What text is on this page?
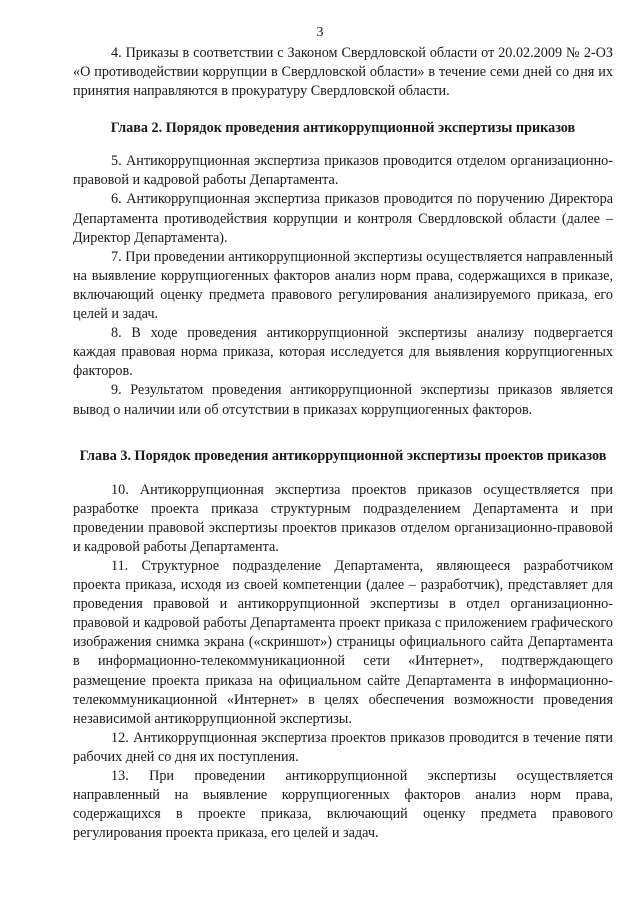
3

4. Приказы в соответствии с Законом Свердловской области от 20.02.2009 № 2-ОЗ «О противодействии коррупции в Свердловской области» в течение семи дней со дня их принятия направляются в прокуратуру Свердловской области.

Глава 2. Порядок проведения антикоррупционной экспертизы приказов

5. Антикоррупционная экспертиза приказов проводится отделом организационно-правовой и кадровой работы Департамента.

6. Антикоррупционная экспертиза приказов проводится по поручению Директора Департамента противодействия коррупции и контроля Свердловской области (далее – Директор Департамента).

7. При проведении антикоррупционной экспертизы осуществляется направленный на выявление коррупциогенных факторов анализ норм права, содержащихся в приказе, включающий оценку предмета правового регулирования анализируемого приказа, его целей и задач.

8. В ходе проведения антикоррупционной экспертизы анализу подвергается каждая правовая норма приказа, которая исследуется для выявления коррупциогенных факторов.

9. Результатом проведения антикоррупционной экспертизы приказов является вывод о наличии или об отсутствии в приказах коррупциогенных факторов.

Глава 3. Порядок проведения антикоррупционной экспертизы проектов приказов

10. Антикоррупционная экспертиза проектов приказов осуществляется при разработке проекта приказа структурным подразделением Департамента и при проведении правовой экспертизы проектов приказов отделом организационно-правовой и кадровой работы Департамента.

11. Структурное подразделение Департамента, являющееся разработчиком проекта приказа, исходя из своей компетенции (далее – разработчик), представляет для проведения правовой и антикоррупционной экспертизы в отдел организационно-правовой и кадровой работы Департамента проект приказа с приложением графического изображения снимка экрана («скриншот») страницы официального сайта Департамента в информационно-телекоммуникационной сети «Интернет», подтверждающего размещение проекта приказа на официальном сайте Департамента в информационно-телекоммуникационной «Интернет» в целях обеспечения возможности проведения независимой антикоррупционной экспертизы.

12. Антикоррупционная экспертиза проектов приказов проводится в течение пяти рабочих дней со дня их поступления.

13. При проведении антикоррупционной экспертизы осуществляется направленный на выявление коррупциогенных факторов анализ норм права, содержащихся в проекте приказа, включающий оценку предмета правового регулирования проекта приказа, его целей и задач.
